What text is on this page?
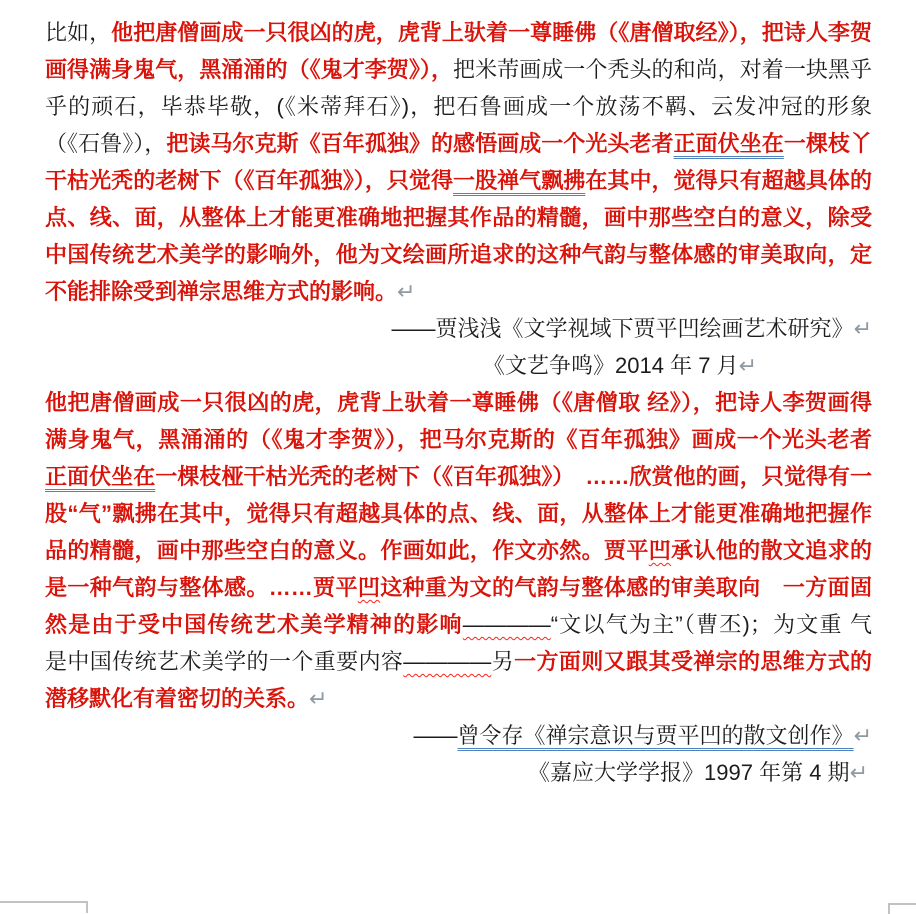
比如，他把唐僧画成一只很凶的虎，虎背上驮着一尊睡佛（《唐僧取经》），把诗人李贺画得满身鬼气，黑涌涌的（《鬼才李贺》），把米芾画成一个秃头的和尚，对着一块黑乎乎的顽石，毕恭毕敬，(《米蒂拜石》)，把石鲁画成一个放荡不羁、云发冲冠的形象（《石鲁》），把读马尔克斯《百年孤独》的感悟画成一个光头老者正面伏坐在一棵枝丫干枯光秃的老树下（《百年孤独》），只觉得一股禅气飘拂在其中，觉得只有超越具体的点、线、面，从整体上才能更准确地把握其作品的精髓，画中那些空白的意义，除受中国传统艺术美学的影响外，他为文绘画所追求的这种气韵与整体感的审美取向，定不能排除受到禅宗思维方式的影响。↵

——贾浅浅《文学视域下贾平凹绘画艺术研究》↵

《文艺争鸣》2014 年 7 月↵

他把唐僧画成一只很凶的虎，虎背上驮着一尊睡佛（《唐僧取 经》），把诗人李贺画得满身鬼气，黑涌涌的（《鬼才李贺》），把马尔克斯的《百年孤独》画成一个光头老者 正面伏坐在一棵枝桠干枯光秃的老树下（《百年孤独》）　……欣赏他的画，只觉得有一股“气”飘拂在其中，觉得只有超越具体的点、线、面，从整体上才能更准确地把握作品的精髓，画中那些空白的意义。作画如此，作文亦然。贾平凹承认他的散文追求的是一种气韵与整体感。……贾平凹这种重为文的气韵与整体感的审美取向　一方面固然是由于受中国传统艺术美学精神的影响————“文以气为主”（曹丕)；为文重 气　是中国传统艺术美学的一个重要内容————另一方面则又跟其受禅宗的思维方式的潜移默化有着密切的关系。↵

——曾令存《禅宗意识与贾平凹的散文创作》↵

《嘉应大学学报》1997 年第 4 期↵
